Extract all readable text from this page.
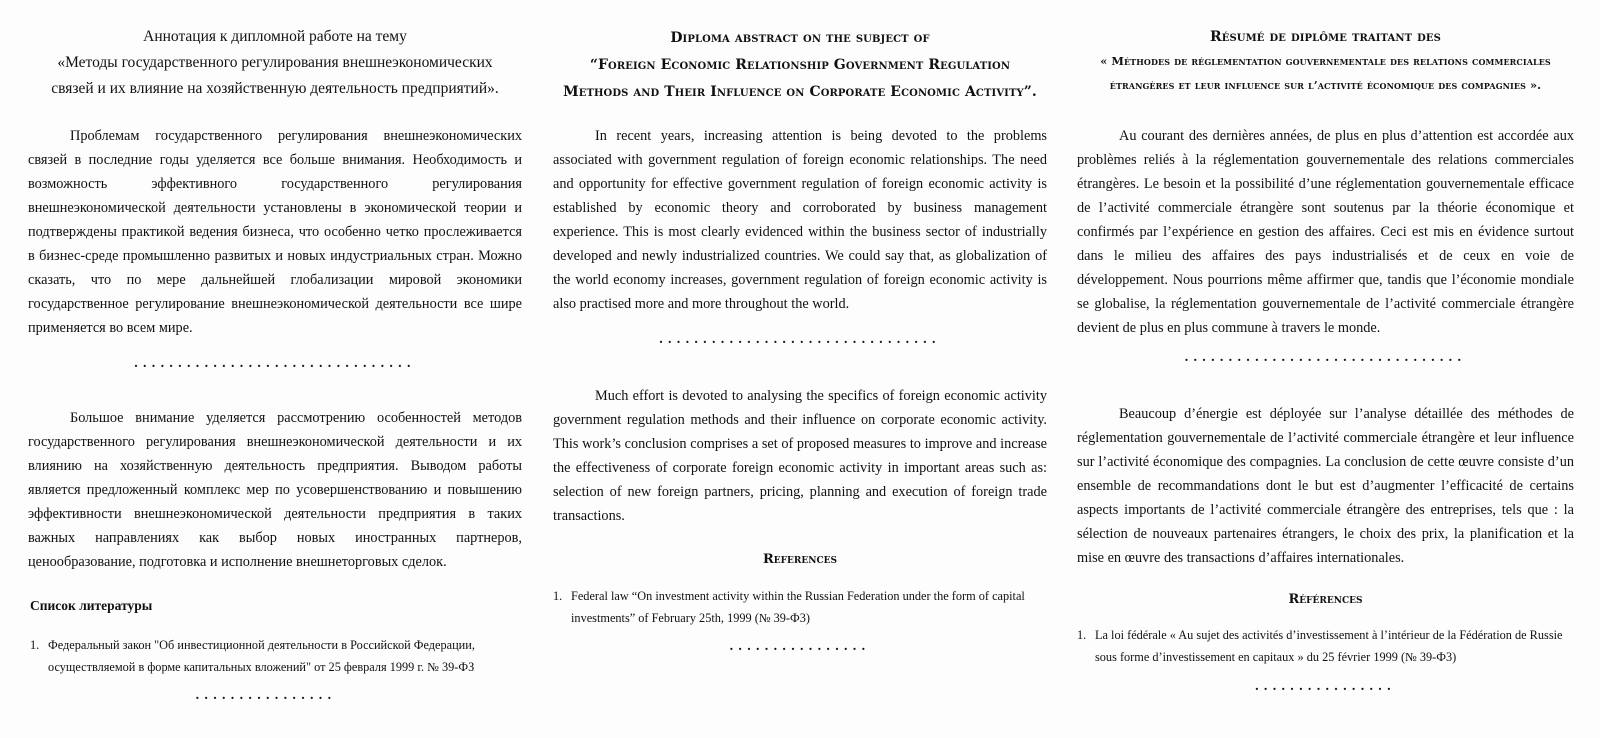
Аннотация к дипломной работе на тему
«Методы государственного регулирования внешнеэкономических
связей и их влияние на хозяйственную деятельность предприятий».

Проблемам государственного регулирования внешнеэкономических связей в последние годы уделяется все больше внимания. Необходимость и возможность эффективного государственного регулирования внешнеэкономической деятельности установлены в экономической теории и подтверждены практикой ведения бизнеса, что особенно четко прослеживается в бизнес-среде промышленно развитых и новых индустриальных стран. Можно сказать, что по мере дальнейшей глобализации мировой экономики государственное регулирование внешнеэкономической деятельности все шире применяется во всем мире.

................................

Большое внимание уделяется рассмотрению особенностей методов государственного регулирования внешнеэкономической деятельности и их влиянию на хозяйственную деятельность предприятия. Выводом работы является предложенный комплекс мер по усовершенствованию и повышению эффективности внешнеэкономической деятельности предприятия в таких важных направлениях как выбор новых иностранных партнеров, ценообразование, подготовка и исполнение внешнеторговых сделок.

Список литературы
1. Федеральный закон "Об инвестиционной деятельности в Российской Федерации, осуществляемой в форме капитальных вложений" от 25 февраля 1999 г. № 39-ФЗ
................
Diploma abstract on the subject of
“Foreign Economic Relationship Government Regulation
Methods and Their Influence on Corporate Economic Activity”.

In recent years, increasing attention is being devoted to the problems associated with government regulation of foreign economic relationships. The need and opportunity for effective government regulation of foreign economic activity is established by economic theory and corroborated by business management experience. This is most clearly evidenced within the business sector of industrially developed and newly industrialized countries. We could say that, as globalization of the world economy increases, government regulation of foreign economic activity is also practised more and more throughout the world.

................................

Much effort is devoted to analysing the specifics of foreign economic activity government regulation methods and their influence on corporate economic activity. This work’s conclusion comprises a set of proposed measures to improve and increase the effectiveness of corporate foreign economic activity in important areas such as: selection of new foreign partners, pricing, planning and execution of foreign trade transactions.

References
1. Federal law “On investment activity within the Russian Federation under the form of capital investments” of February 25th, 1999 (№ 39-Ф3)
................
Résumé de diplôme traitant des
« Méthodes de réglementation gouvernementale des relations commerciales
étrangères et leur influence sur l’activité économique des compagnies ».

Au courant des dernières années, de plus en plus d’attention est accordée aux problèmes reliés à la réglementation gouvernementale des relations commerciales étrangères. Le besoin et la possibilité d’une réglementation gouvernementale efficace de l’activité commerciale étrangère sont soutenus par la théorie économique et confirmés par l’expérience en gestion des affaires. Ceci est mis en évidence surtout dans le milieu des affaires des pays industrialisés et de ceux en voie de développement. Nous pourrions même affirmer que, tandis que l’économie mondiale se globalise, la réglementation gouvernementale de l’activité commerciale étrangère devient de plus en plus commune à travers le monde.

................................

Beaucoup d’énergie est déployée sur l’analyse détaillée des méthodes de réglementation gouvernementale de l’activité commerciale étrangère et leur influence sur l’activité économique des compagnies. La conclusion de cette œuvre consiste d’un ensemble de recommandations dont le but est d’augmenter l’efficacité de certains aspects importants de l’activité commerciale étrangère des entreprises, tels que : la sélection de nouveaux partenaires étrangers, le choix des prix, la planification et la mise en œuvre des transactions d’affaires internationales.

Références
1. La loi fédérale « Au sujet des activités d’investissement à l’intérieur de la Fédération de Russie sous forme d’investissement en capitaux » du 25 février 1999 (№ 39-Ф3)
................
